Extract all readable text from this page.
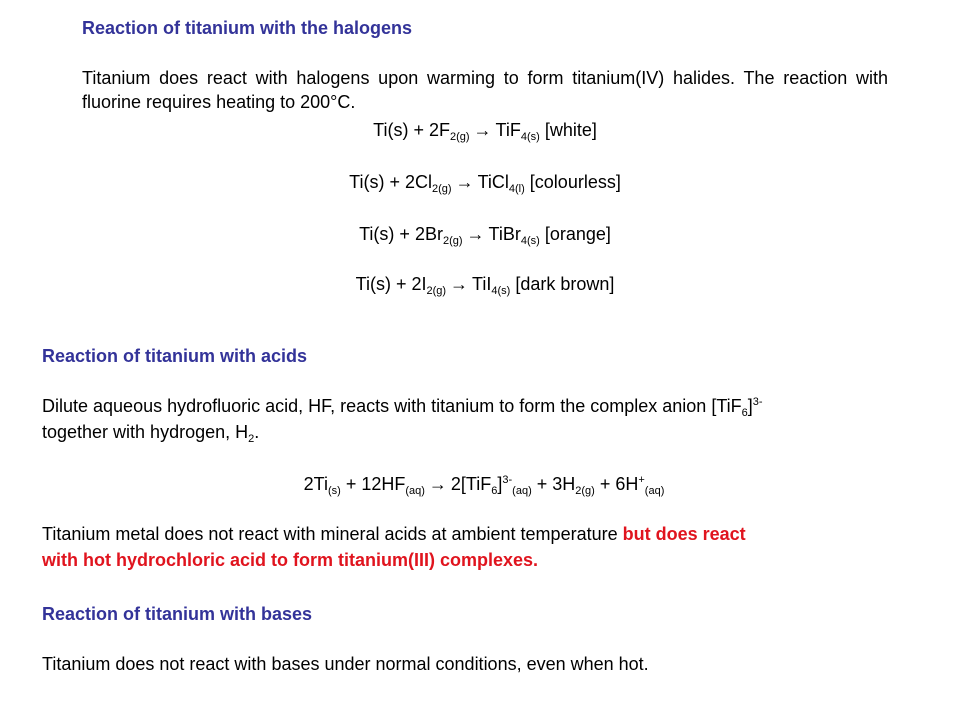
Reaction of titanium with the halogens
Titanium does react with halogens upon warming to form titanium(IV) halides. The reaction with fluorine requires heating to 200°C.
$Ti(s) + 2F_{2(g)} \to TiF_{4(s)}$ [white]
$Ti(s) + 2Cl_{2(g)}$ → TiCl$_{4(l)}$ [colourless]
$Ti(s) + 2Br_{2(g)}$ → TiBr$_{4(s)}$ [orange]
$Ti(s) + 2I_{2(g)} \to TiI_{4(s)}$ [dark brown]
Reaction of titanium with acids
Dilute aqueous hydrofluoric acid, HF, reacts with titanium to form the complex anion $[TiF_6]^{3-}$
together with hydrogen, $H_2$.
$2Ti_{(s)} + 12HF_{(aq)} \to 2[TiF_6]^{3-}_{(aq)} + 3H_{2(g)} + 6H^+_{(aq)}$
Titanium metal does not react with mineral acids at ambient temperature but does react
with hot hydrochloric acid to form titanium(III) complexes.
Reaction of titanium with bases
Titanium does not react with bases under normal conditions, even when hot.
